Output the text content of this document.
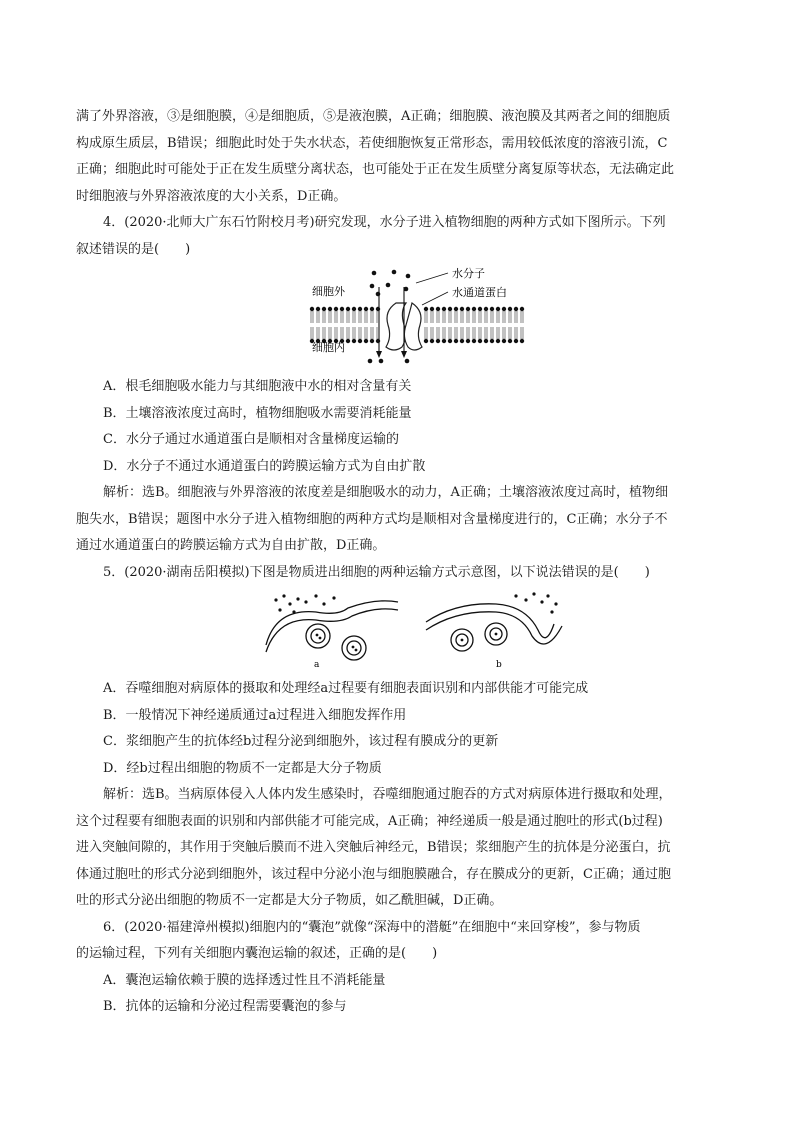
满了外界溶液，③是细胞膜，④是细胞质，⑤是液泡膜，A正确；细胞膜、液泡膜及其两者之间的细胞质

构成原生质层，B错误；细胞此时处于失水状态，若使细胞恢复正常形态，需用较低浓度的溶液引流，C

正确；细胞此时可能处于正在发生质壁分离状态，也可能处于正在发生质壁分离复原等状态，无法确定此

时细胞液与外界溶液浓度的大小关系，D正确。

4．(2020·北师大广东石竹附校月考)研究发现，水分子进入植物细胞的两种方式如下图所示。下列

叙述错误的是(　　)

水分子
水通道蛋白
细胞外
细胞内

A．根毛细胞吸水能力与其细胞液中水的相对含量有关

B．土壤溶液浓度过高时，植物细胞吸水需要消耗能量

C．水分子通过水通道蛋白是顺相对含量梯度运输的

D．水分子不通过水通道蛋白的跨膜运输方式为自由扩散

解析：选B。细胞液与外界溶液的浓度差是细胞吸水的动力，A正确；土壤溶液浓度过高时，植物细

胞失水，B错误；题图中水分子进入植物细胞的两种方式均是顺相对含量梯度进行的，C正确；水分子不

通过水通道蛋白的跨膜运输方式为自由扩散，D正确。

5．(2020·湖南岳阳模拟)下图是物质进出细胞的两种运输方式示意图，以下说法错误的是(　　)

a	b

A．吞噬细胞对病原体的摄取和处理经a过程要有细胞表面识别和内部供能才可能完成

B．一般情况下神经递质通过a过程进入细胞发挥作用

C．浆细胞产生的抗体经b过程分泌到细胞外，该过程有膜成分的更新

D．经b过程出细胞的物质不一定都是大分子物质

解析：选B。当病原体侵入人体内发生感染时，吞噬细胞通过胞吞的方式对病原体进行摄取和处理，

这个过程要有细胞表面的识别和内部供能才可能完成，A正确；神经递质一般是通过胞吐的形式(b过程)

进入突触间隙的，其作用于突触后膜而不进入突触后神经元，B错误；浆细胞产生的抗体是分泌蛋白，抗

体通过胞吐的形式分泌到细胞外，该过程中分泌小泡与细胞膜融合，存在膜成分的更新，C正确；通过胞

吐的形式分泌出细胞的物质不一定都是大分子物质，如乙酰胆碱，D正确。

6．(2020·福建漳州模拟)细胞内的“囊泡”就像“深海中的潜艇”在细胞中“来回穿梭”，参与物质

的运输过程，下列有关细胞内囊泡运输的叙述，正确的是(　　)

A．囊泡运输依赖于膜的选择透过性且不消耗能量

B．抗体的运输和分泌过程需要囊泡的参与
